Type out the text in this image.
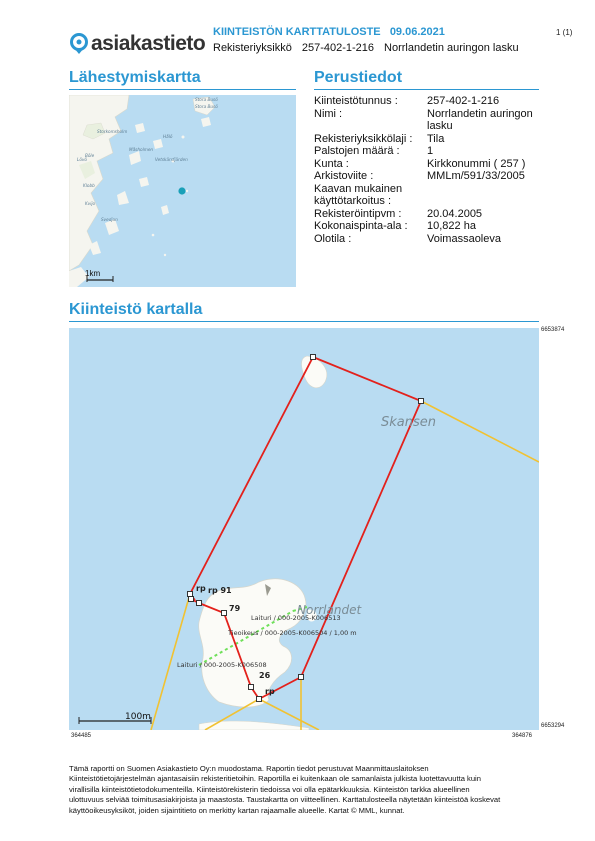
asiakastieto KIINTEISTÖN KARTTATULOSTE 09.06.2021
Rekisteriyksikkö 257-402-1-216 Norrlandetin auringon lasku
1 (1)
Lähestymiskartta
Stora Busö
Stora Busö
Storkomsholm
Hålö
Lövö
Böle
Måsholmen
Vetskärsfjärden
Klobb
Kvijo
Svedjan
1km
Perustiedot
Kiinteistötunnus :	257-402-1-216
Nimi :	Norrlandetin auringon lasku
Rekisteriyksikkölaji :	Tila
Palstojen määrä :	1
Kunta :	Kirkkonummi ( 257 )
Arkistoviite :	MMLm/591/33/2005
Kaavan mukainen käyttötarkoitus :
Rekisteröintipvm :	20.04.2005
Kokonaispinta-ala :	10,822 ha
Olotila :	Voimassaoleva
Kiinteistö kartalla
Skansen
Norrlandet
rp rp 91
79
26
rp
Laituri / 000-2005-K006513
Tieoikeus / 000-2005-K006504 / 1,00 m
Laituri / 000-2005-K006508
100m
6653874
6653294
364485	364876
Tämä raportti on Suomen Asiakastieto Oy:n muodostama. Raportin tiedot perustuvat Maanmittauslaitoksen
Kiinteistötietojärjestelmän ajantasaisiin rekisteritietoihin. Raportilla ei kuitenkaan ole samanlaista julkista luotettavuutta kuin
virallisilla kiinteistötietodokumenteilla. Kiinteistörekisterin tiedoissa voi olla epätarkkuuksia. Kiinteistön tarkka alueellinen
ulottuvuus selviää toimitusasiakirjoista ja maastosta. Taustakartta on viitteellinen. Karttatulosteella näytetään kiinteistöä koskevat
käyttöoikeusyksiköt, joiden sijaintitieto on merkitty kartan rajaamalle alueelle. Kartat © MML, kunnat.
